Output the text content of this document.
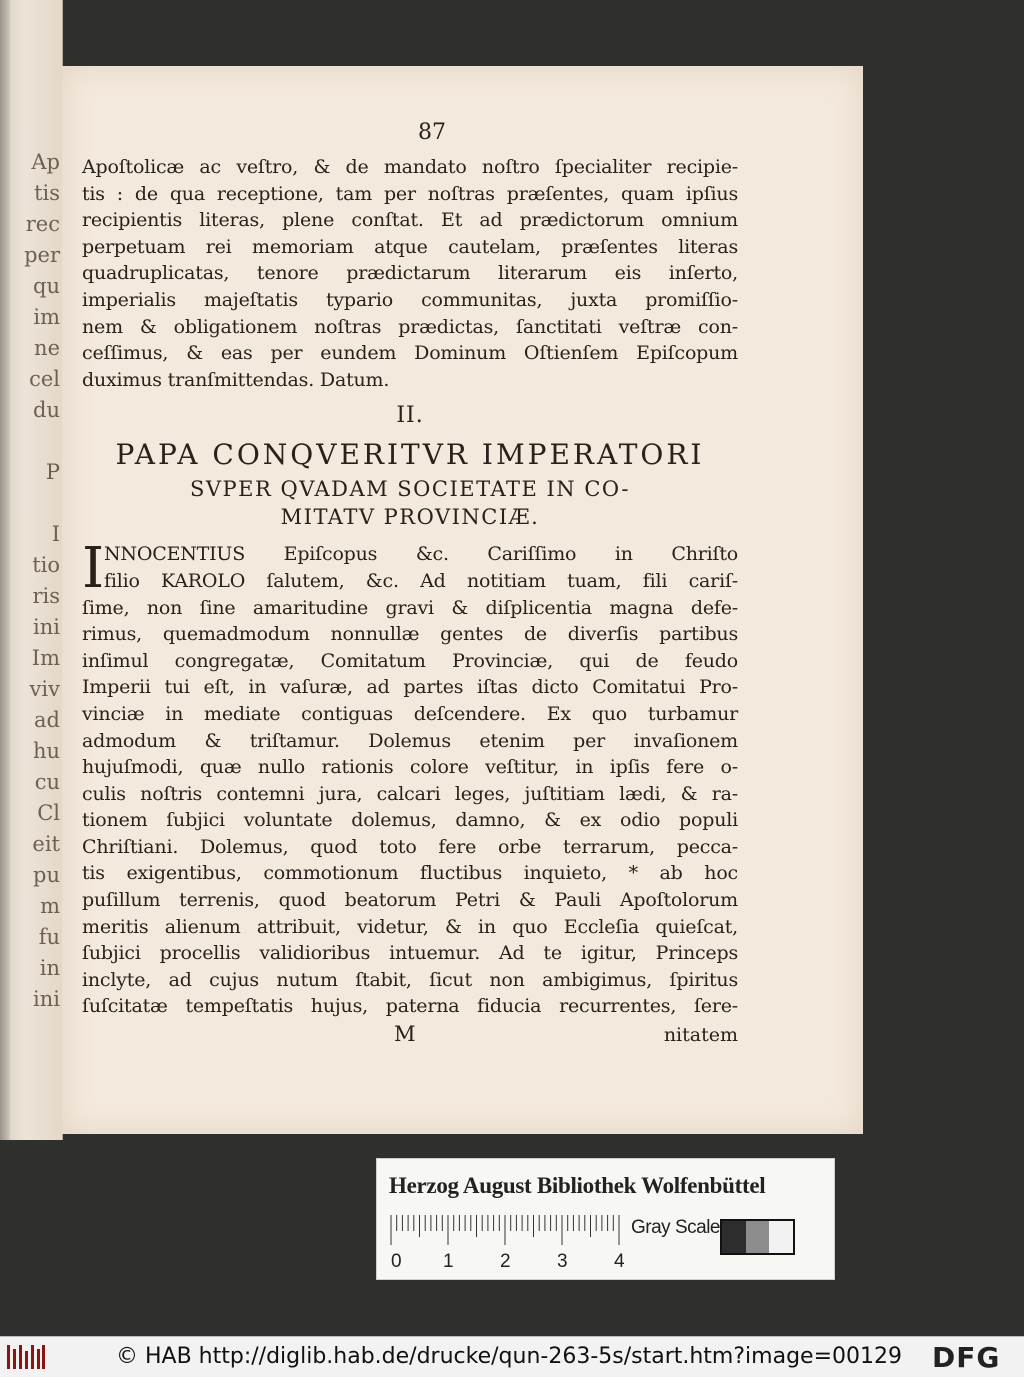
Ap
tis
rec
per
qu
im
ne
cel
du
P
I
tio
ris
ini
Im
viv
ad
hu
cu
Cl
eit
pu
m
fu
in
ini
87
Apoſtolicæ ac veſtro, & de mandato noſtro ſpecialiter recipie-
tis : de qua receptione, tam per noſtras præſentes, quam ipſius
recipientis literas, plene conſtat. Et ad prædictorum omnium
perpetuam rei memoriam atque cautelam, præſentes literas
quadruplicatas, tenore prædictarum literarum eis inſerto,
imperialis majeſtatis typario communitas, juxta promiſſio-
nem & obligationem noſtras prædictas, ſanctitati veſtræ con-
ceſſimus, & eas per eundem Dominum Oſtienſem Epiſcopum
duximus tranſmittendas. Datum.
II.
PAPA CONQVERITVR IMPERATORI
SVPER QVADAM SOCIETATE IN CO-
MITATV PROVINCIÆ.
I NNOCENTIUS Epiſcopus &c. Cariſſimo in Chriſto
filio KAROLO ſalutem, &c. Ad notitiam tuam, fili cariſ-
ſime, non ſine amaritudine gravi & diſplicentia magna defe-
rimus, quemadmodum nonnullæ gentes de diverſis partibus
inſimul congregatæ, Comitatum Provinciæ, qui de feudo
Imperii tui eſt, in vaſuræ, ad partes iſtas dicto Comitatui Pro-
vinciæ in mediate contiguas deſcendere. Ex quo turbamur
admodum & triſtamur. Dolemus etenim per invaſionem
hujuſmodi, quæ nullo rationis colore veſtitur, in ipſis fere o-
culis noſtris contemni jura, calcari leges, juſtitiam lædi, & ra-
tionem ſubjici voluntate dolemus, damno, & ex odio populi
Chriſtiani. Dolemus, quod toto fere orbe terrarum, pecca-
tis exigentibus, commotionum fluctibus inquieto, * ab hoc
puſillum terrenis, quod beatorum Petri & Pauli Apoſtolorum
meritis alienum attribuit, videtur, & in quo Eccleſia quieſcat,
ſubjici procellis validioribus intuemur. Ad te igitur, Princeps
inclyte, ad cujus nutum ſtabit, ſicut non ambigimus, ſpiritus
ſuſcitatæ tempeſtatis hujus, paterna fiducia recurrentes, ſere-
M	nitatem
Herzog August Bibliothek Wolfenbüttel
0 1 2 3 4
Gray Scale
© HAB http://diglib.hab.de/drucke/qun-263-5s/start.htm?image=00129 DFG
